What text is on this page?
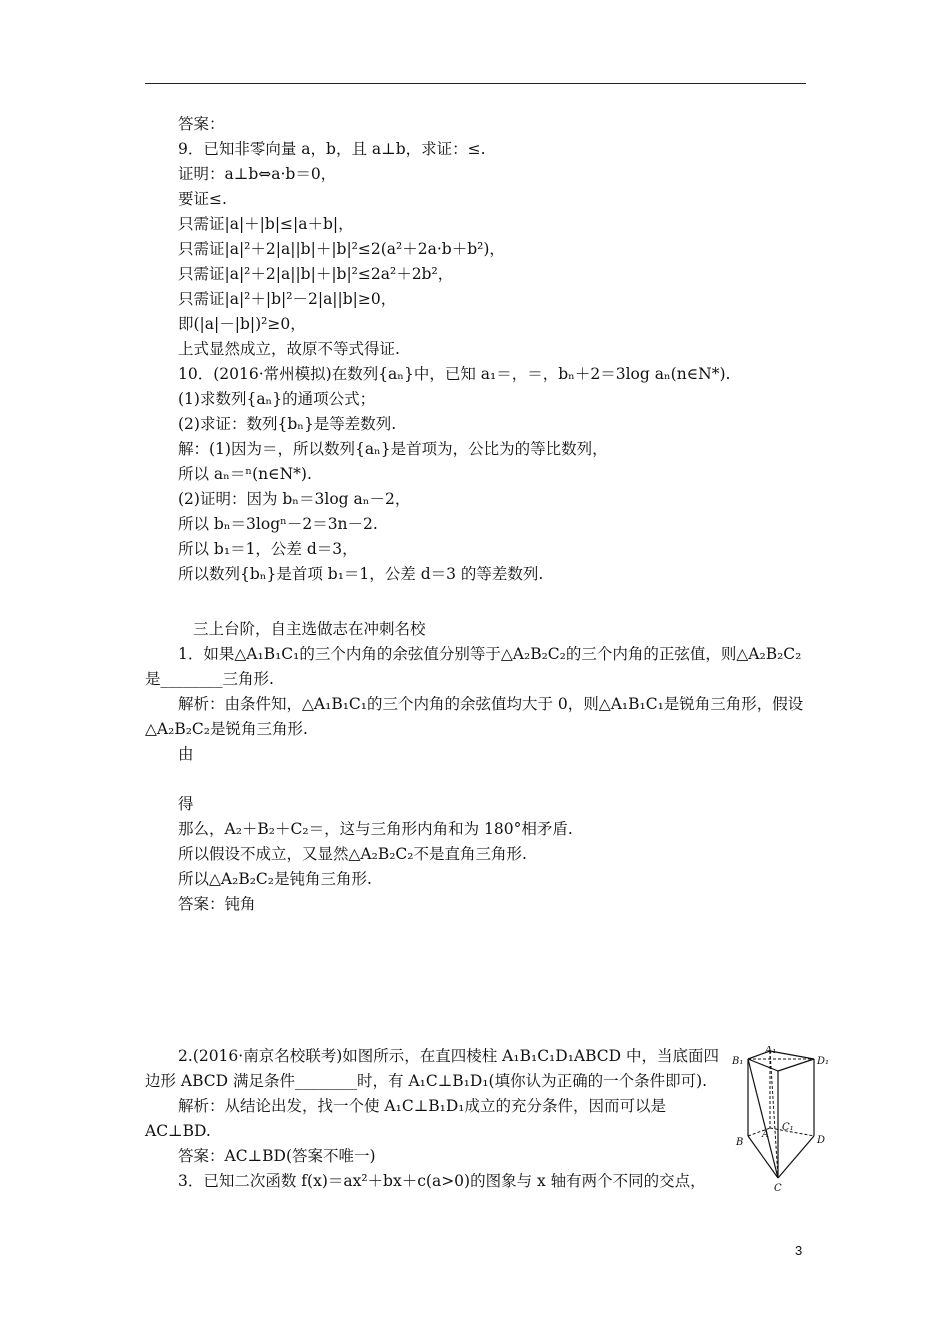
答案：
9．已知非零向量 a，b，且 a⊥b，求证：≤.
证明：a⊥b⇔a·b＝0，
要证≤.
只需证|a|＋|b|≤|a＋b|，
只需证|a|²＋2|a||b|＋|b|²≤2(a²＋2a·b＋b²)，
只需证|a|²＋2|a||b|＋|b|²≤2a²＋2b²，
只需证|a|²＋|b|²－2|a||b|≥0，
即(|a|－|b|)²≥0，
上式显然成立，故原不等式得证.
10．(2016·常州模拟)在数列{aₙ}中，已知 a₁＝，＝，bₙ＋2＝3log aₙ(n∈N*).
(1)求数列{aₙ}的通项公式；
(2)求证：数列{bₙ}是等差数列.
解：(1)因为＝，所以数列{aₙ}是首项为，公比为的等比数列，
所以 aₙ＝ⁿ(n∈N*).
(2)证明：因为 bₙ＝3log aₙ－2，
所以 bₙ＝3logⁿ－2＝3n－2.
所以 b₁＝1，公差 d＝3，
所以数列{bₙ}是首项 b₁＝1，公差 d＝3 的等差数列.
三上台阶，自主选做志在冲刺名校
1．如果△A₁B₁C₁的三个内角的余弦值分别等于△A₂B₂C₂的三个内角的正弦值，则△A₂B₂C₂
是________三角形.
解析：由条件知，△A₁B₁C₁的三个内角的余弦值均大于 0，则△A₁B₁C₁是锐角三角形，假设
△A₂B₂C₂是锐角三角形.
由
得
那么，A₂＋B₂＋C₂＝，这与三角形内角和为 180°相矛盾.
所以假设不成立，又显然△A₂B₂C₂不是直角三角形.
所以△A₂B₂C₂是钝角三角形.
答案：钝角
2.(2016·南京名校联考)如图所示，在直四棱柱 A₁B₁C₁D₁ABCD 中，当底面四
边形 ABCD 满足条件________时，有 A₁C⊥B₁D₁(填你认为正确的一个条件即可).
解析：从结论出发，找一个使 A₁C⊥B₁D₁成立的充分条件，因而可以是
AC⊥BD.
答案：AC⊥BD(答案不唯一)
3．已知二次函数 f(x)＝ax²＋bx＋c(a>0)的图象与 x 轴有两个不同的交点，
A₁
B₁	D₁
C₁
A
B	D
C
3
